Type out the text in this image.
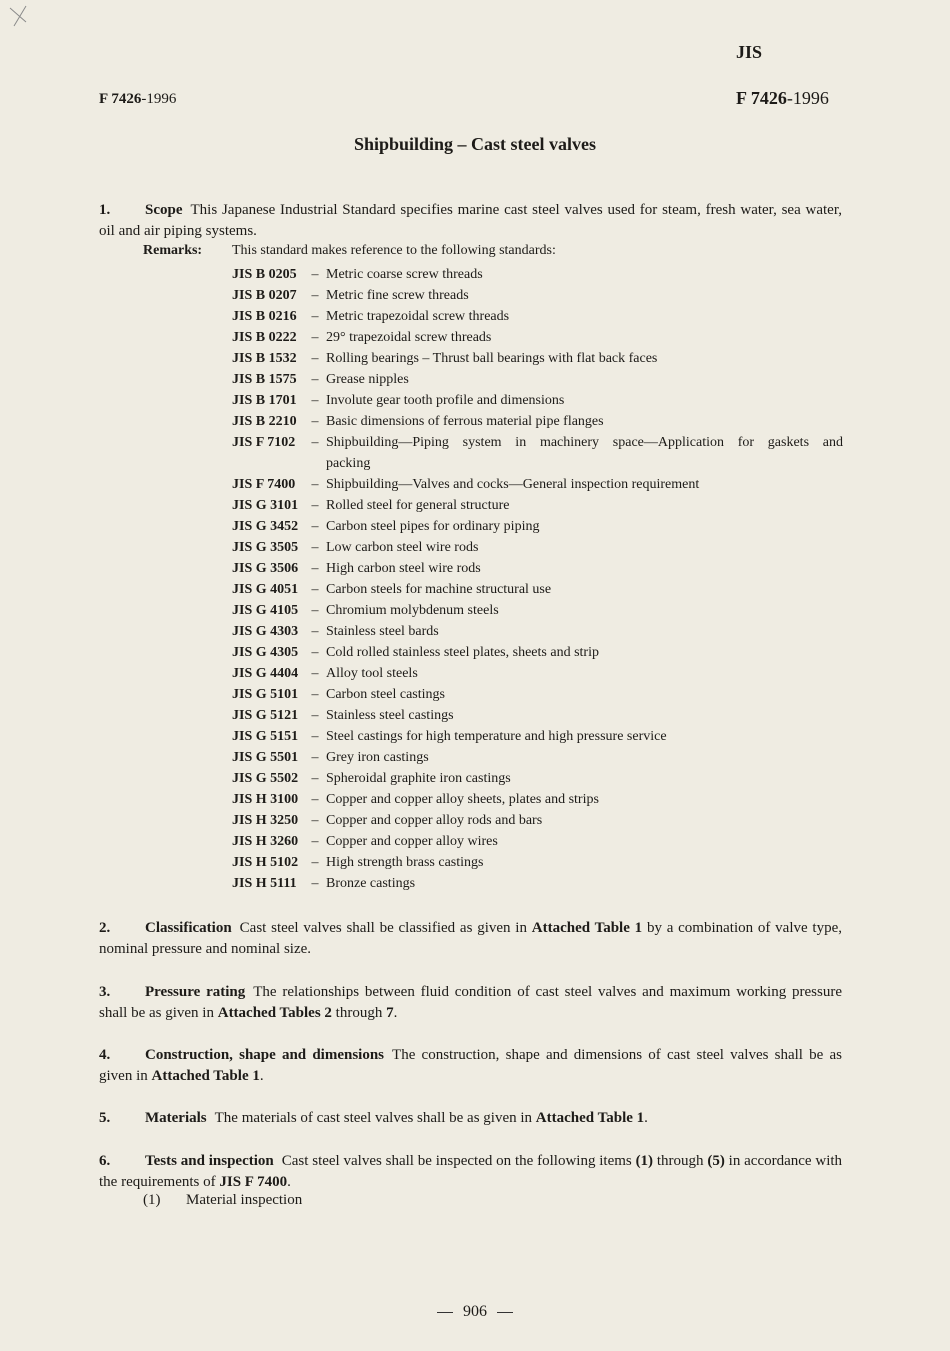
JIS
F 7426-1996	F 7426-1996
Shipbuilding – Cast steel valves
1. Scope This Japanese Industrial Standard specifies marine cast steel valves used for steam, fresh water, sea water, oil and air piping systems.
Remarks: This standard makes reference to the following standards:
JIS B 0205	– Metric coarse screw threads
JIS B 0207	– Metric fine screw threads
JIS B 0216	– Metric trapezoidal screw threads
JIS B 0222	– 29° trapezoidal screw threads
JIS B 1532	– Rolling bearings – Thrust ball bearings with flat back faces
JIS B 1575	– Grease nipples
JIS B 1701	– Involute gear tooth profile and dimensions
JIS B 2210	– Basic dimensions of ferrous material pipe flanges
JIS F 7102	– Shipbuilding—Piping system in machinery space—Application for gaskets and
packing
JIS F 7400	– Shipbuilding—Valves and cocks—General inspection requirement
JIS G 3101 – Rolled steel for general structure
JIS G 3452 – Carbon steel pipes for ordinary piping
JIS G 3505 – Low carbon steel wire rods
JIS G 3506 – High carbon steel wire rods
JIS G 4051 – Carbon steels for machine structural use
JIS G 4105 – Chromium molybdenum steels
JIS G 4303 – Stainless steel bards
JIS G 4305 – Cold rolled stainless steel plates, sheets and strip
JIS G 4404 – Alloy tool steels
JIS G 5101 – Carbon steel castings
JIS G 5121 – Stainless steel castings
JIS G 5151 – Steel castings for high temperature and high pressure service
JIS G 5501 – Grey iron castings
JIS G 5502 – Spheroidal graphite iron castings
JIS H 3100 – Copper and copper alloy sheets, plates and strips
JIS H 3250 – Copper and copper alloy rods and bars
JIS H 3260 – Copper and copper alloy wires
JIS H 5102 – High strength brass castings
JIS H 5111	– Bronze castings
2. Classification Cast steel valves shall be classified as given in Attached Table 1 by a combination of valve type, nominal pressure and nominal size.
3. Pressure rating The relationships between fluid condition of cast steel valves and maximum working pressure shall be as given in Attached Tables 2 through 7.
4. Construction, shape and dimensions The construction, shape and dimensions of cast steel valves shall be as given in Attached Table 1.
5. Materials The materials of cast steel valves shall be as given in Attached Table 1.
6. Tests and inspection Cast steel valves shall be inspected on the following items (1) through (5) in accordance with the requirements of JIS F 7400.
(1) Material inspection
906
